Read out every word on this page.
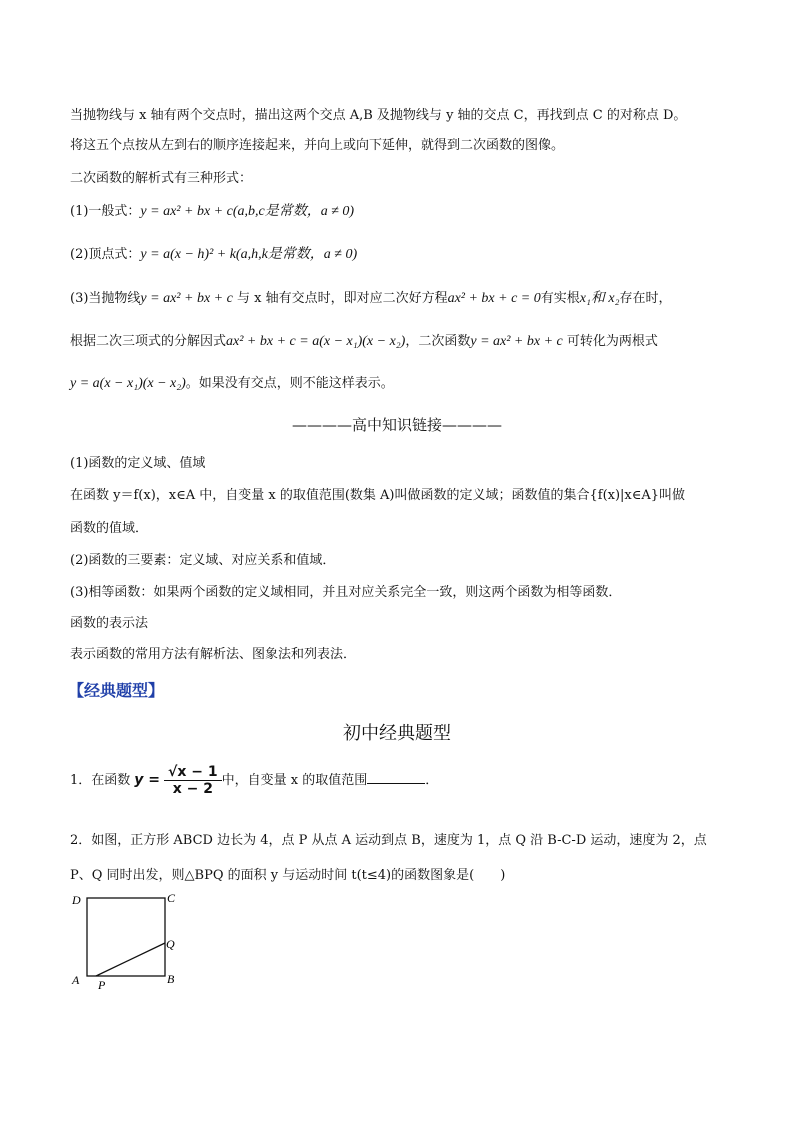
当抛物线与 x 轴有两个交点时，描出这两个交点 A,B 及抛物线与 y 轴的交点 C，再找到点 C 的对称点 D。
将这五个点按从左到右的顺序连接起来，并向上或向下延伸，就得到二次函数的图像。
二次函数的解析式有三种形式：
(1)一般式：y = ax² + bx + c(a,b,c是常数，a ≠ 0)
(2)顶点式：y = a(x − h)² + k(a,h,k是常数，a ≠ 0)
(3)当抛物线y = ax² + bx + c 与 x 轴有交点时，即对应二次好方程ax² + bx + c = 0有实根x₁和 x₂存在时，
根据二次三项式的分解因式ax² + bx + c = a(x − x₁)(x − x₂)，二次函数y = ax² + bx + c 可转化为两根式
y = a(x − x₁)(x − x₂)。如果没有交点，则不能这样表示。
————高中知识链接————
(1)函数的定义域、值域
在函数 y＝f(x)，x∈A 中，自变量 x 的取值范围(数集 A)叫做函数的定义域；函数值的集合{f(x)|x∈A}叫做
函数的值域．
(2)函数的三要素：定义域、对应关系和值域．
(3)相等函数：如果两个函数的定义域相同，并且对应关系完全一致，则这两个函数为相等函数．
函数的表示法
表示函数的常用方法有解析法、图象法和列表法．
【经典题型】
初中经典题型
1．在函数 $y = \frac{√x - 1}{x - 2}$ 中，自变量 x 的取值范围	．
2．如图，正方形 ABCD 边长为 4，点 P 从点 A 运动到点 B，速度为 1，点 Q 沿 B-C-D 运动，速度为 2，点
P、Q 同时出发，则△BPQ 的面积 y 与运动时间 t(t≤4)的函数图象是(　　)
D	C
Q
A	B
P
